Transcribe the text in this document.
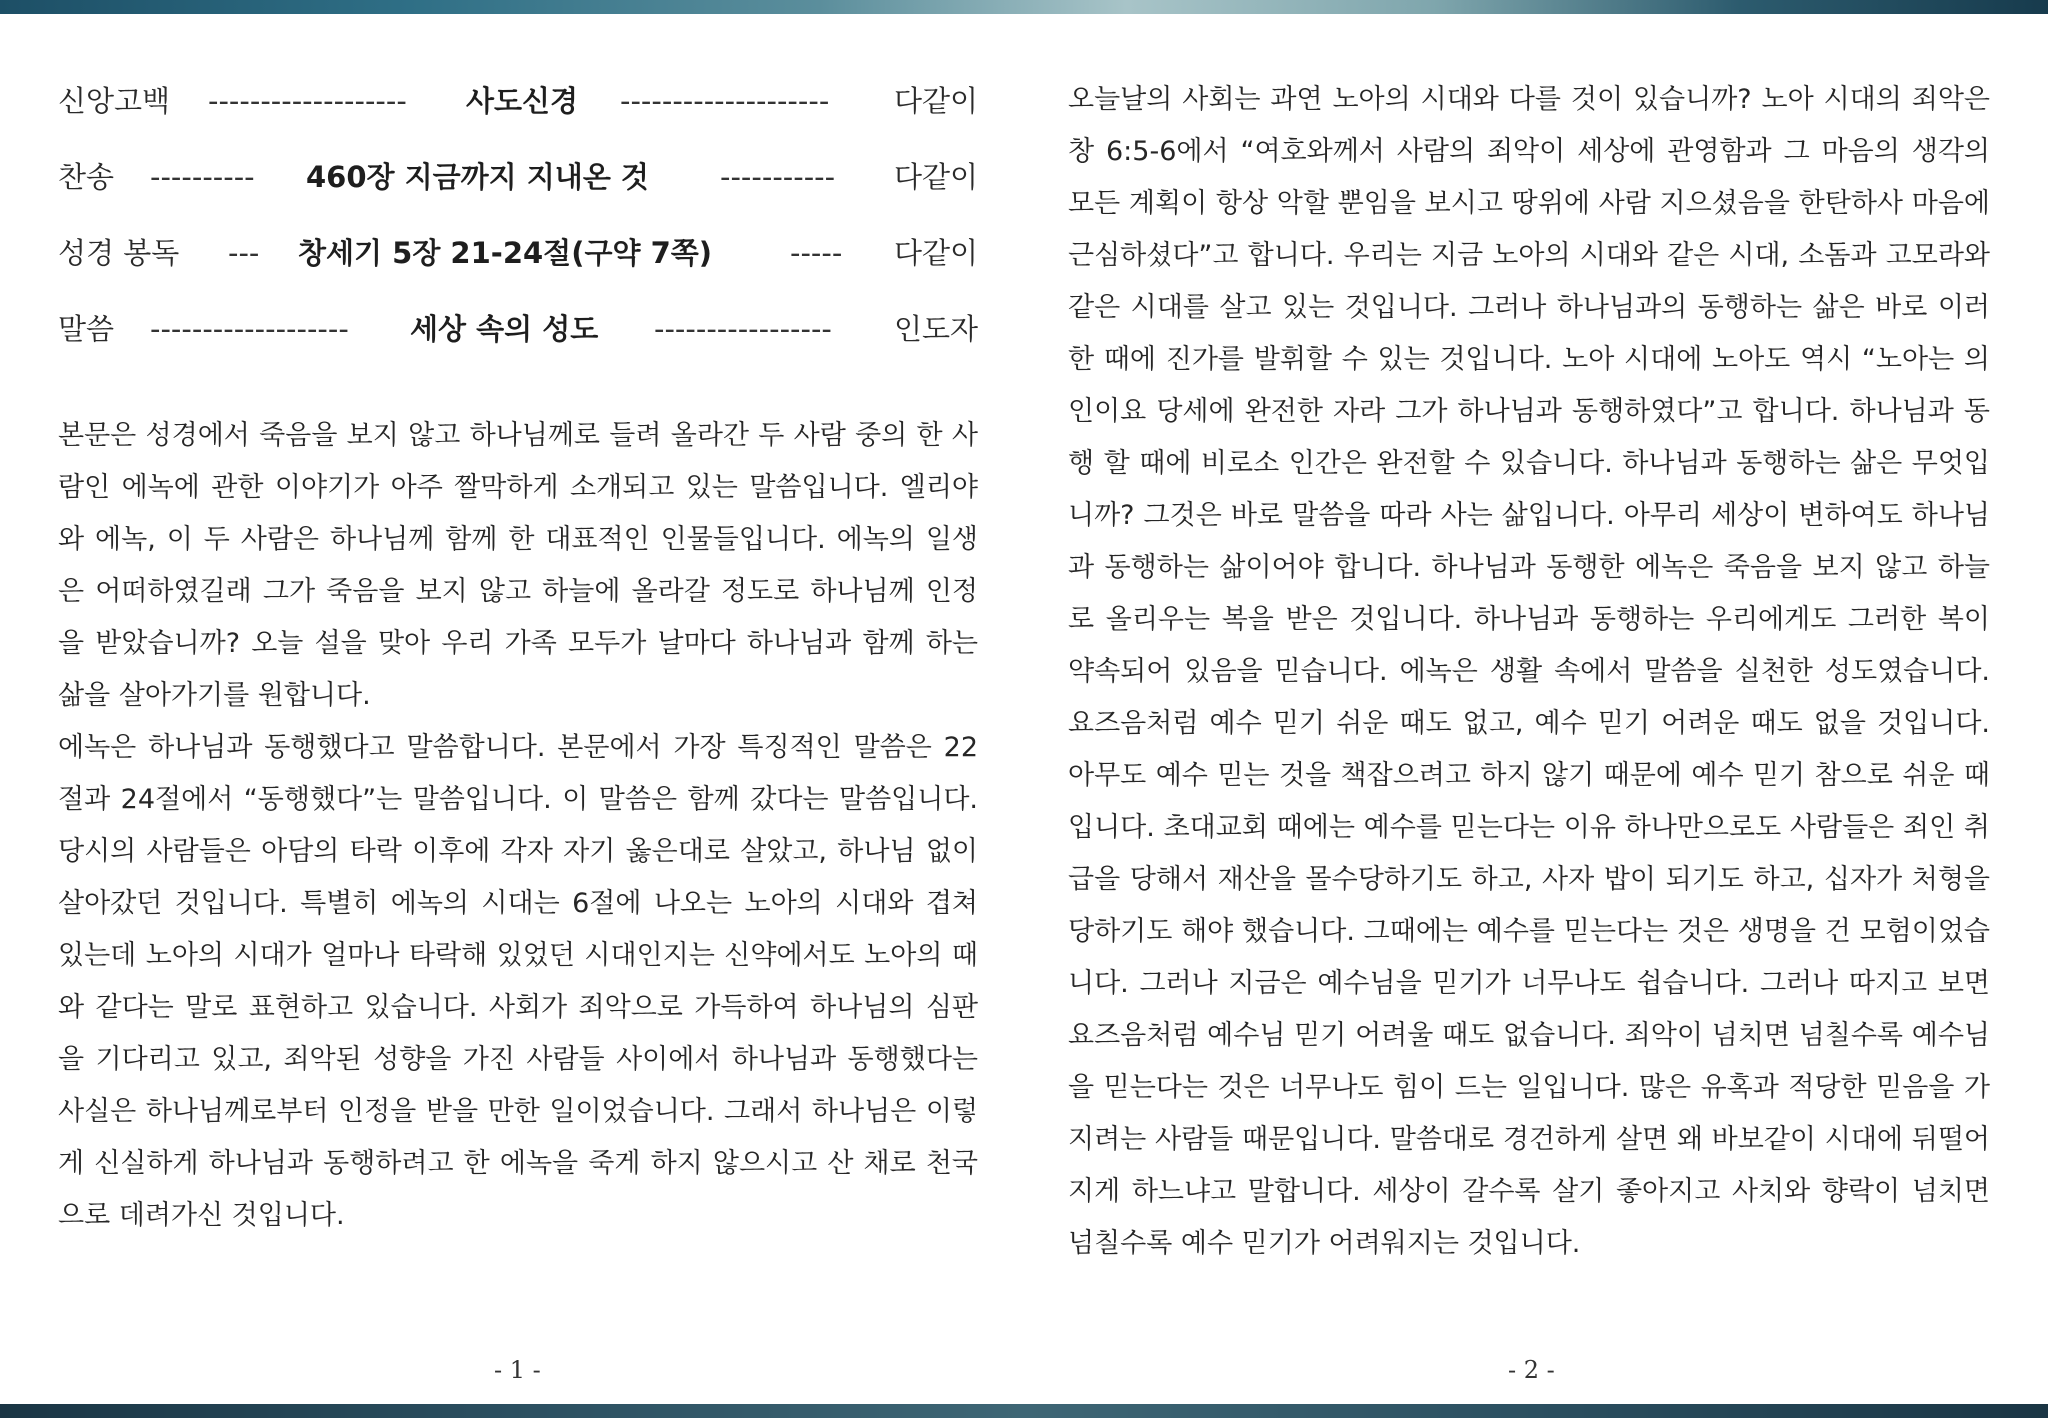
신앙고백 ------------------- 사도신경 -------------------- 다같이
찬송 ---------- 460장 지금까지 지내온 것 ----------- 다같이
성경 봉독 --- 창세기 5장 21-24절(구약 7쪽)	----- 다같이
말씀 ------------------- 세상 속의 성도 ----------------- 인도자

본문은 성경에서 죽음을 보지 않고 하나님께로 들려 올라간 두 사람 중의 한 사람인 에녹에 관한 이야기가 아주 짤막하게 소개되고 있는 말씀입니다. 엘리야와 에녹, 이 두 사람은 하나님께 함께 한 대표적인 인물들입니다. 에녹의 일생은 어떠하였길래 그가 죽음을 보지 않고 하늘에 올라갈 정도로 하나님께 인정을 받았습니까? 오늘 설을 맞아 우리 가족 모두가 날마다 하나님과 함께 하는 삶을 살아가기를 원합니다.

에녹은 하나님과 동행했다고 말씀합니다. 본문에서 가장 특징적인 말씀은 22절과 24절에서 “동행했다”는 말씀입니다. 이 말씀은 함께 갔다는 말씀입니다. 당시의 사람들은 아담의 타락 이후에 각자 자기 옳은대로 살았고, 하나님 없이 살아갔던 것입니다. 특별히 에녹의 시대는 6절에 나오는 노아의 시대와 겹쳐 있는데 노아의 시대가 얼마나 타락해 있었던 시대인지는 신약에서도 노아의 때와 같다는 말로 표현하고 있습니다. 사회가 죄악으로 가득하여 하나님의 심판을 기다리고 있고, 죄악된 성향을 가진 사람들 사이에서 하나님과 동행했다는 사실은 하나님께로부터 인정을 받을 만한 일이었습니다. 그래서 하나님은 이렇게 신실하게 하나님과 동행하려고 한 에녹을 죽게 하지 않으시고 산 채로 천국으로 데려가신 것입니다.

- 1 -

오늘날의 사회는 과연 노아의 시대와 다를 것이 있습니까? 노아 시대의 죄악은 창 6:5-6에서 “여호와께서 사람의 죄악이 세상에 관영함과 그 마음의 생각의 모든 계획이 항상 악할 뿐임을 보시고 땅위에 사람 지으셨음을 한탄하사 마음에 근심하셨다”고 합니다. 우리는 지금 노아의 시대와 같은 시대, 소돔과 고모라와 같은 시대를 살고 있는 것입니다. 그러나 하나님과의 동행하는 삶은 바로 이러한 때에 진가를 발휘할 수 있는 것입니다. 노아 시대에 노아도 역시 “노아는 의인이요 당세에 완전한 자라 그가 하나님과 동행하였다”고 합니다. 하나님과 동행 할 때에 비로소 인간은 완전할 수 있습니다. 하나님과 동행하는 삶은 무엇입니까? 그것은 바로 말씀을 따라 사는 삶입니다. 아무리 세상이 변하여도 하나님과 동행하는 삶이어야 합니다. 하나님과 동행한 에녹은 죽음을 보지 않고 하늘로 올리우는 복을 받은 것입니다. 하나님과 동행하는 우리에게도 그러한 복이 약속되어 있음을 믿습니다. 에녹은 생활 속에서 말씀을 실천한 성도였습니다. 요즈음처럼 예수 믿기 쉬운 때도 없고, 예수 믿기 어려운 때도 없을 것입니다. 아무도 예수 믿는 것을 책잡으려고 하지 않기 때문에 예수 믿기 참으로 쉬운 때입니다. 초대교회 때에는 예수를 믿는다는 이유 하나만으로도 사람들은 죄인 취급을 당해서 재산을 몰수당하기도 하고, 사자 밥이 되기도 하고, 십자가 처형을 당하기도 해야 했습니다. 그때에는 예수를 믿는다는 것은 생명을 건 모험이었습니다. 그러나 지금은 예수님을 믿기가 너무나도 쉽습니다. 그러나 따지고 보면 요즈음처럼 예수님 믿기 어려울 때도 없습니다. 죄악이 넘치면 넘칠수록 예수님을 믿는다는 것은 너무나도 힘이 드는 일입니다. 많은 유혹과 적당한 믿음을 가지려는 사람들 때문입니다. 말씀대로 경건하게 살면 왜 바보같이 시대에 뒤떨어지게 하느냐고 말합니다. 세상이 갈수록 살기 좋아지고 사치와 향락이 넘치면 넘칠수록 예수 믿기가 어려워지는 것입니다.

- 2 -
